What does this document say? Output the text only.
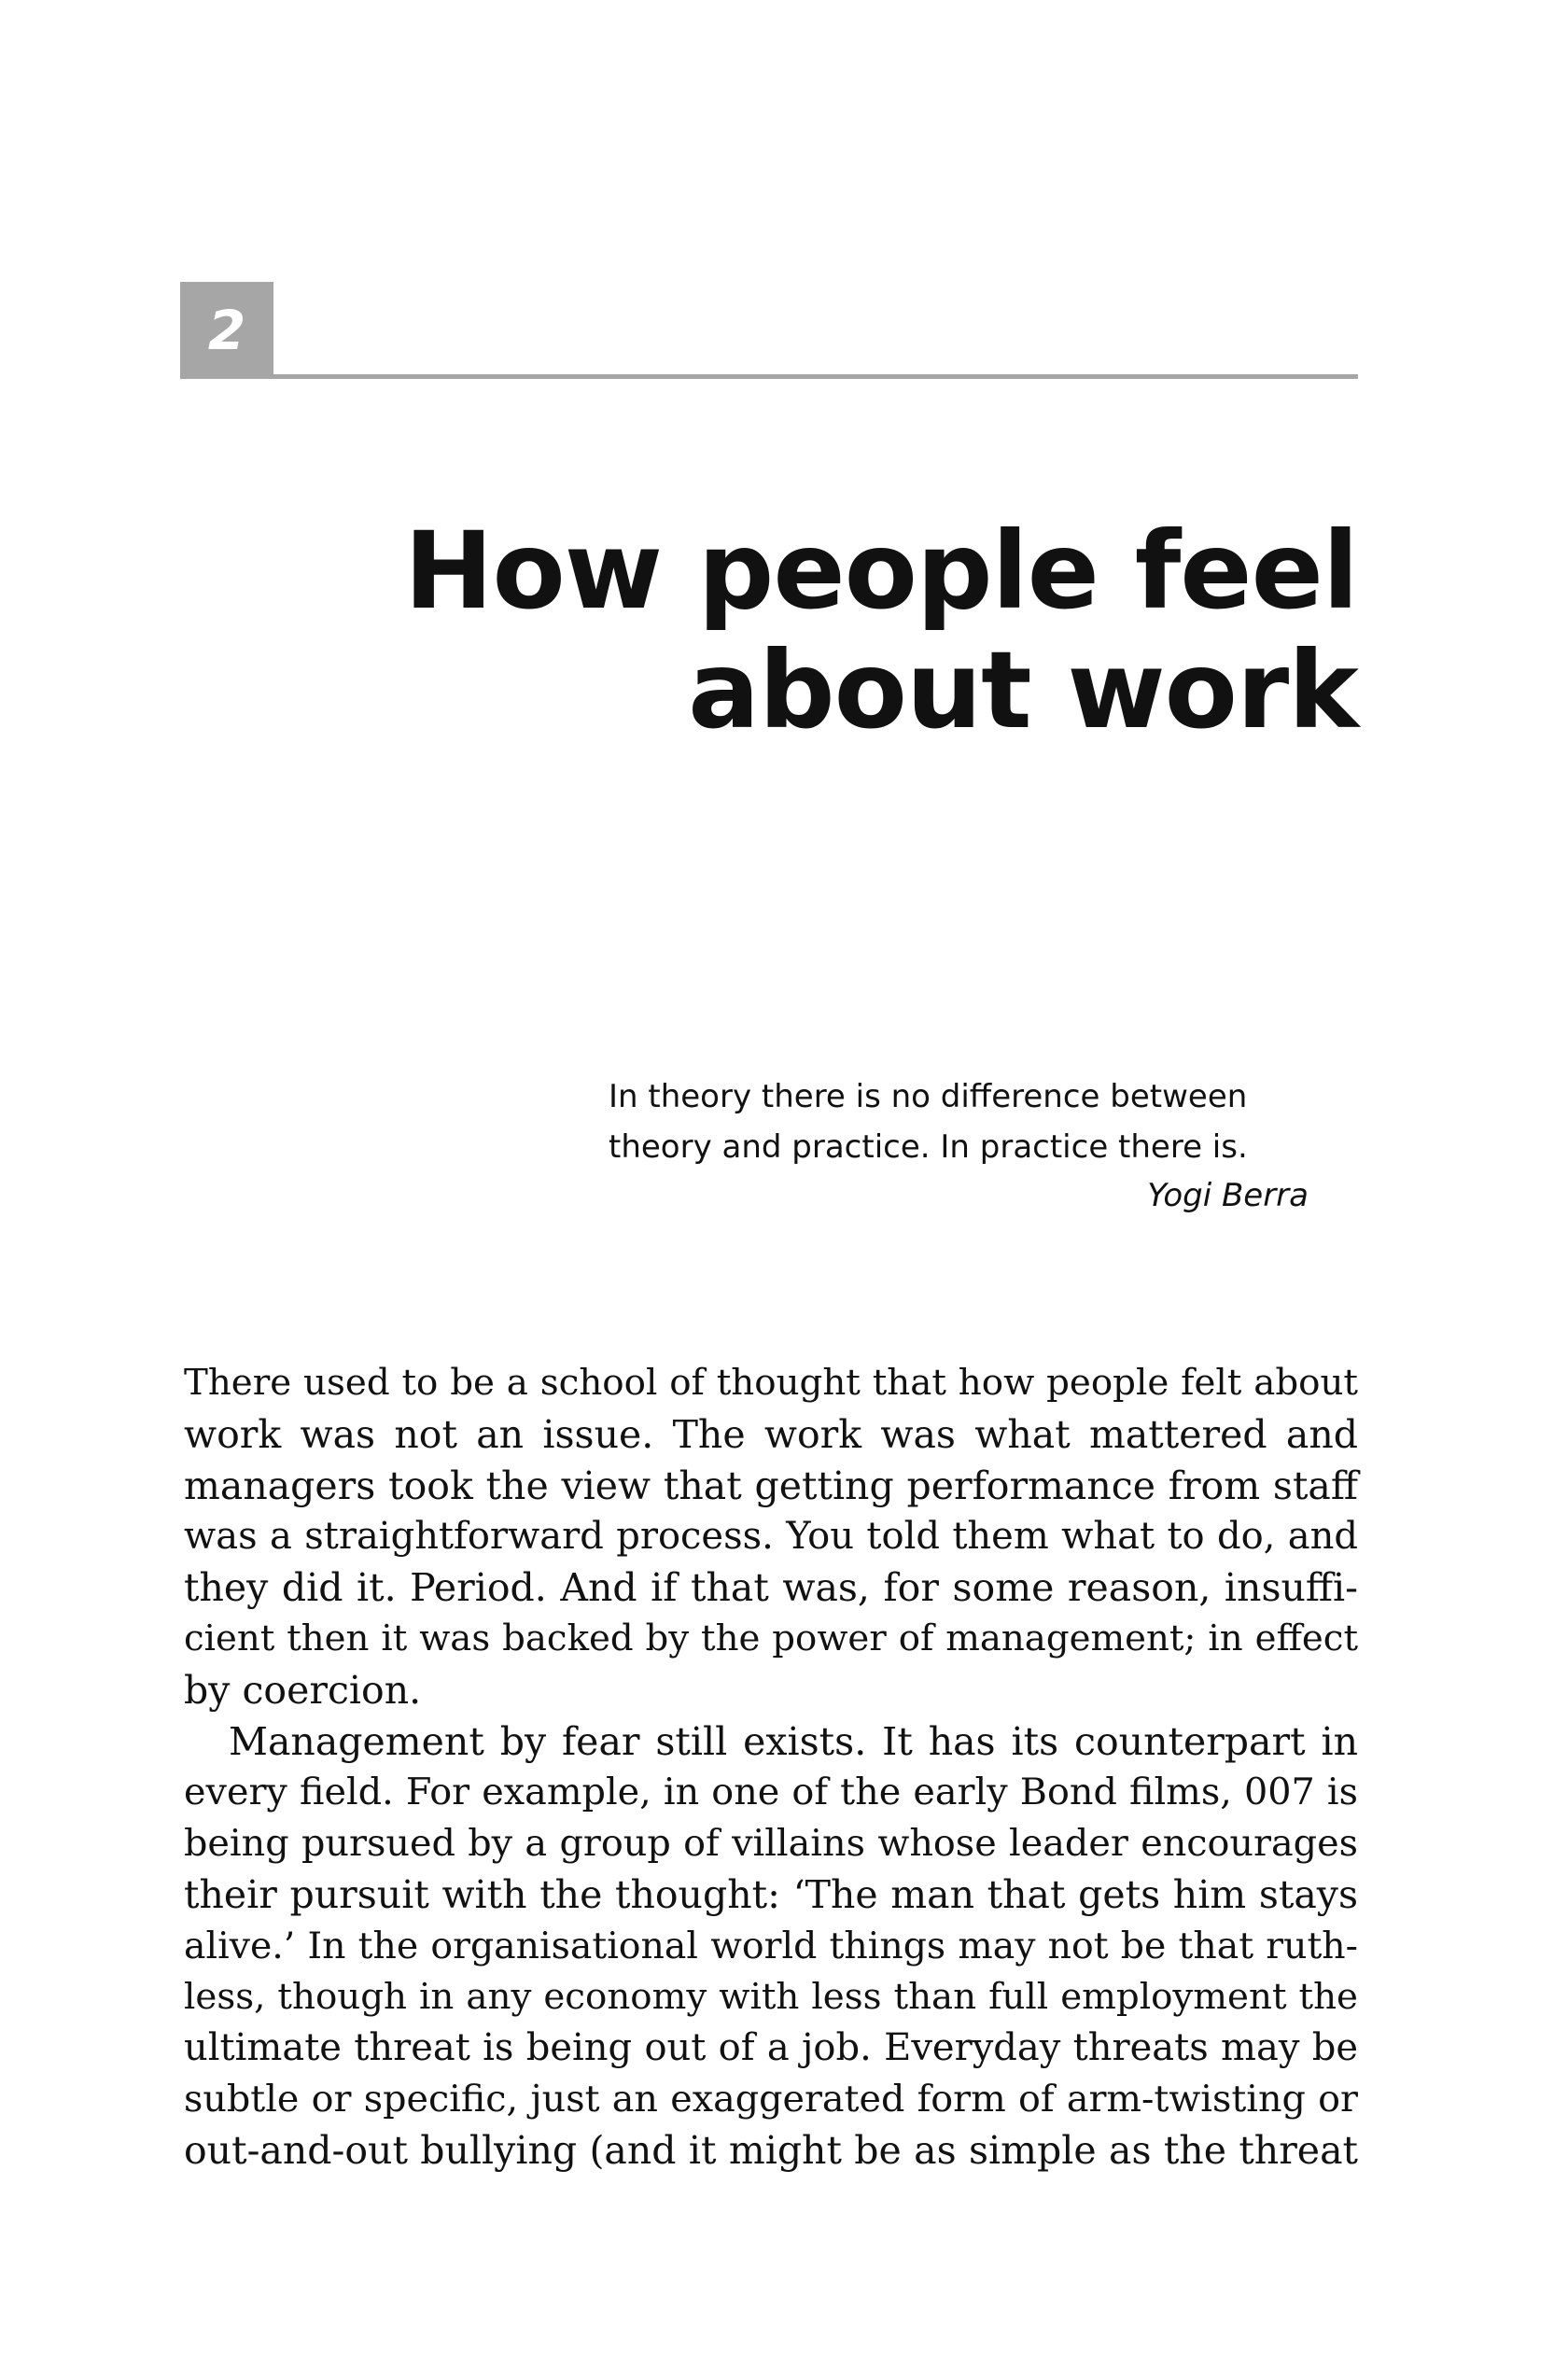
2
How people feel
about work
In theory there is no difference between
theory and practice. In practice there is.
Yogi Berra
There used to be a school of thought that how people felt about
work was not an issue. The work was what mattered and
managers took the view that getting performance from staff
was a straightforward process. You told them what to do, and
they did it. Period. And if that was, for some reason, insuffi-
cient then it was backed by the power of management; in effect
by coercion.
Management by fear still exists. It has its counterpart in
every field. For example, in one of the early Bond films, 007 is
being pursued by a group of villains whose leader encourages
their pursuit with the thought: ‘The man that gets him stays
alive.’ In the organisational world things may not be that ruth-
less, though in any economy with less than full employment the
ultimate threat is being out of a job. Everyday threats may be
subtle or specific, just an exaggerated form of arm-twisting or
out-and-out bullying (and it might be as simple as the threat
